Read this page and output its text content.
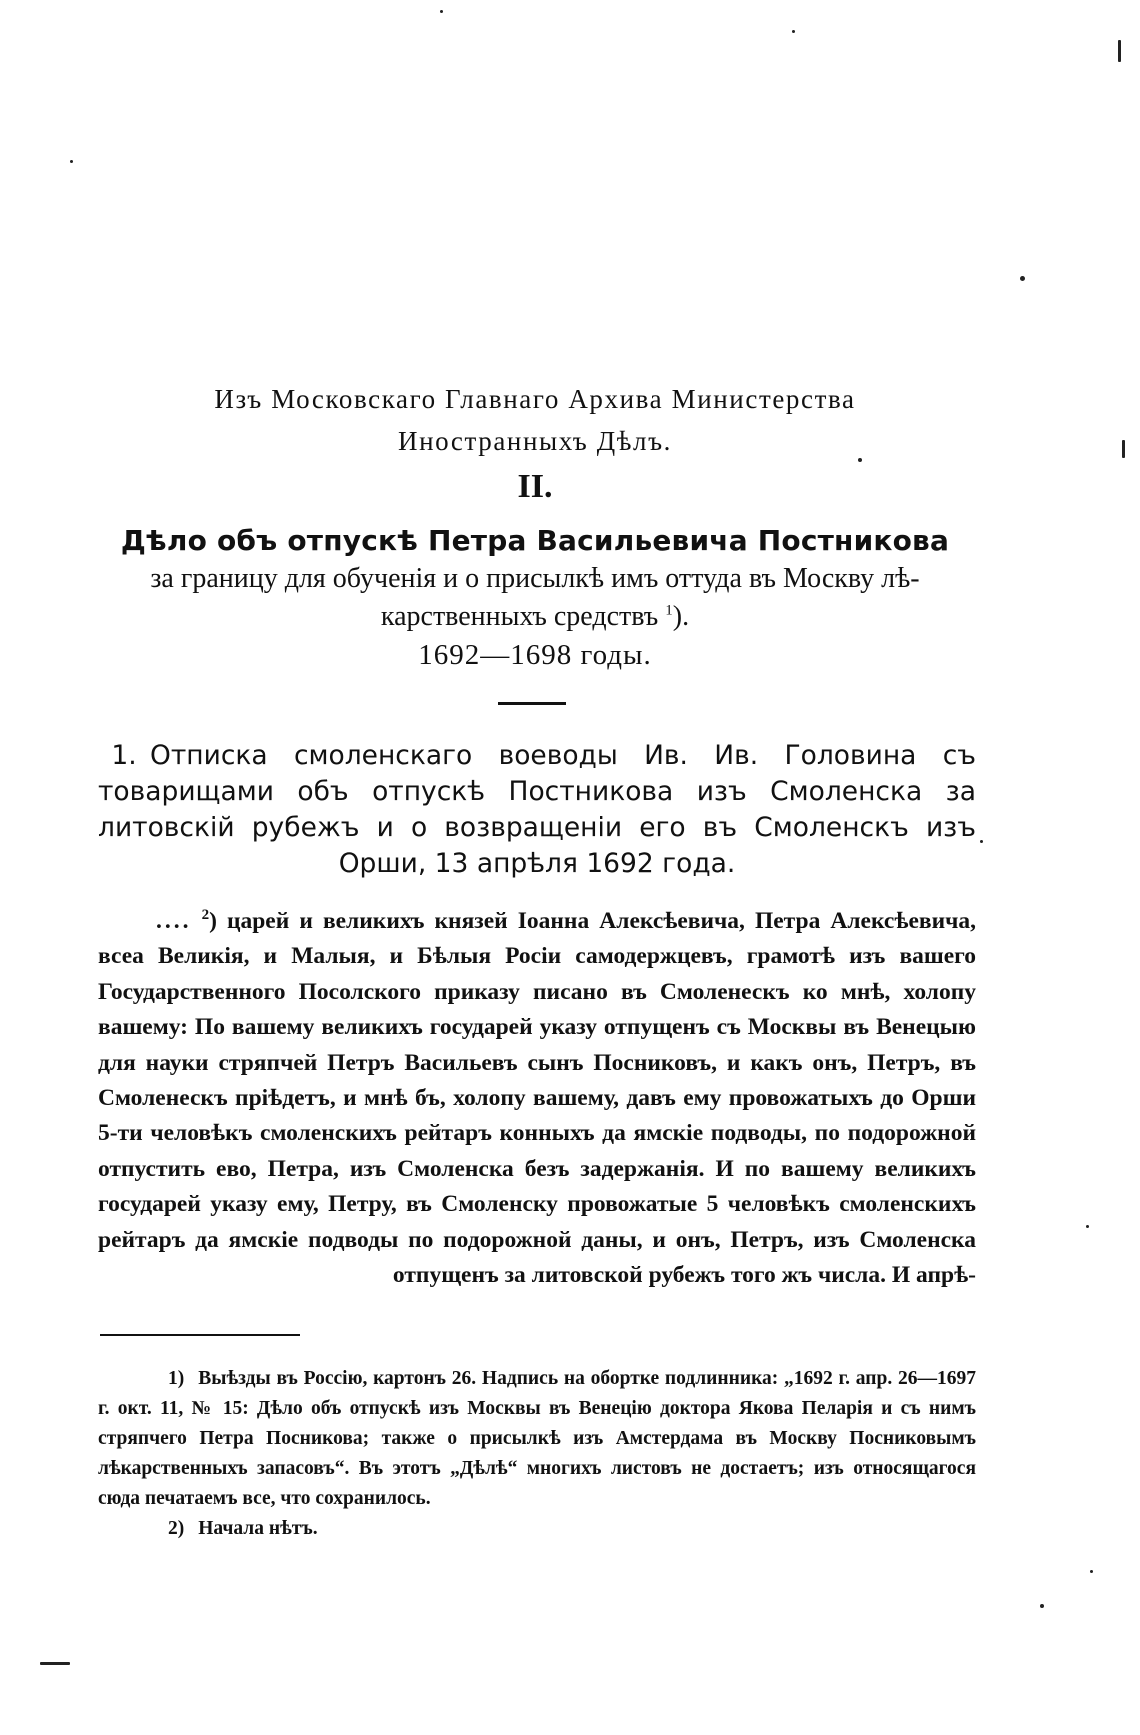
Изъ Московскаго Главнаго Архива Министерства
Иностранныхъ Дѣлъ.
II.
Дѣло объ отпускѣ Петра Васильевича Постникова
за границу для обученія и о присылкѣ имъ оттуда въ Москву лѣ-
карственныхъ средствъ $^1$).
1692—1698 годы.
1. Отписка смоленскаго воеводы Ив. Ив. Головина съ товарищами объ отпускѣ Постникова изъ Смоленска за литовскій рубежъ и о возвращеніи его въ Смоленскъ изъ Орши, 13 апрѣля 1692 года.
.... $^2$) царей и великихъ князей Іоанна Алексѣевича, Петра Алексѣевича, всеа Великія, и Малыя, и Бѣлыя Росіи самодержцевъ, грамотѣ изъ вашего Государственного Посолского приказу писано въ Смоленескъ ко мнѣ, холопу вашему: По вашему великихъ государей указу отпущенъ съ Москвы въ Венецыю для науки стряпчей Петръ Васильевъ сынъ Посниковъ, и какъ онъ, Петръ, въ Смоленескъ пріѣдетъ, и мнѣ бъ, холопу вашему, давъ ему провожатыхъ до Орши 5-ти человѣкъ смоленскихъ рейтаръ конныхъ да ямскіе подводы, по подорожной отпустить ево, Петра, изъ Смоленска безъ задержанія. И по вашему великихъ государей указу ему, Петру, въ Смоленску провожатые 5 человѣкъ смоленскихъ рейтаръ да ямскіе подводы по подорожной даны, и онъ, Петръ, изъ Смоленска отпущенъ за литовской рубежъ того жъ числа. И апрѣ-

1) Выѣзды въ Россію, картонъ 26. Надпись на обортке подлинника: „1692 г. апр. 26—1697 г. окт. 11, № 15: Дѣло объ отпускѣ изъ Москвы въ Венецію доктора Якова Пеларія и съ нимъ стряпчего Петра Посникова; также о присылкѣ изъ Амстердама въ Москву Посниковымъ лѣкарственныхъ запасовъ“. Въ этотъ „Дѣлѣ“ многихъ листовъ не достаетъ; изъ относящагося сюда печатаемъ все, что сохранилось.

2) Начала нѣтъ.
